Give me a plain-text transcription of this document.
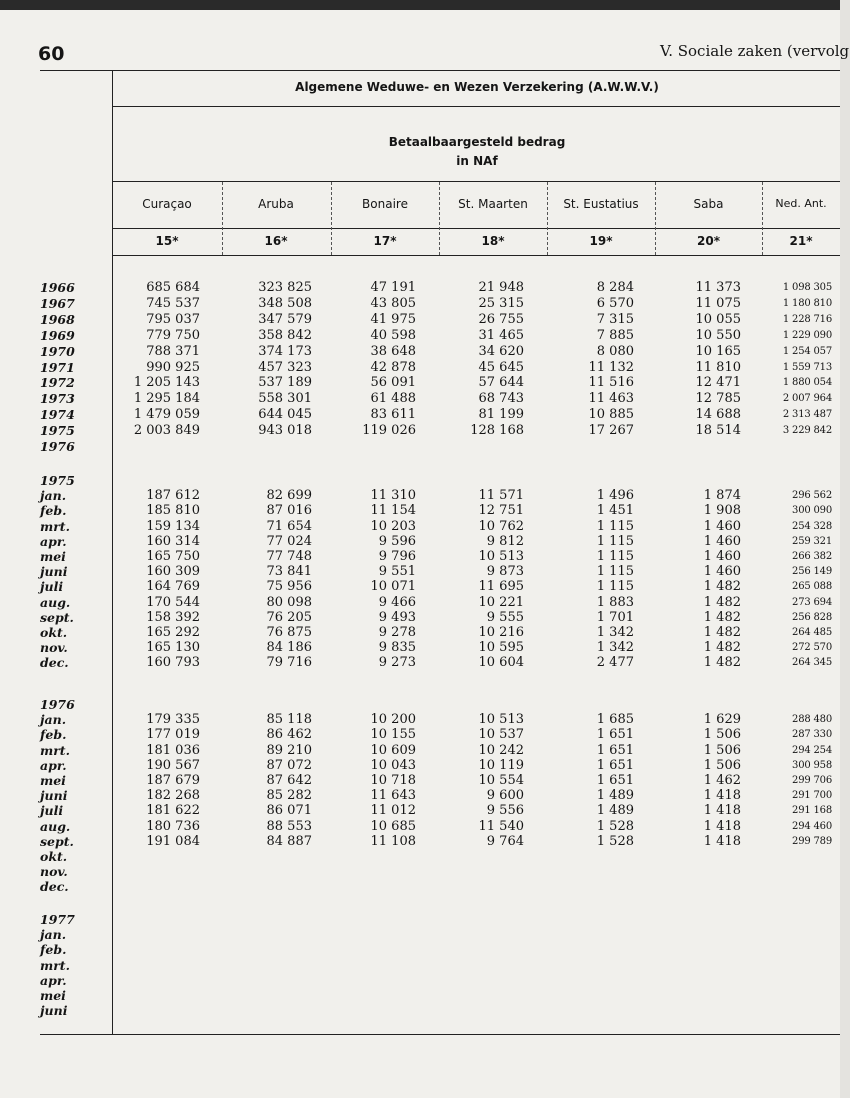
60	V. Sociale zaken (vervolg
Algemene Weduwe- en Wezen Verzekering (A.W.W.V.)
Betaalbaargesteld bedrag
in NAf
Curaçao	Aruba	Bonaire	St. Maarten	St. Eustatius	Saba	Ned. Ant.
15*	16*	17*	18*	19*	20*	21*
1966	685 684	323 825	47 191	21 948	8 284	11 373	1 098 305
1967	745 537	348 508	43 805	25 315	6 570	11 075	1 180 810
1968	795 037	347 579	41 975	26 755	7 315	10 055	1 228 716
1969	779 750	358 842	40 598	31 465	7 885	10 550	1 229 090
1970	788 371	374 173	38 648	34 620	8 080	10 165	1 254 057
1971	990 925	457 323	42 878	45 645	11 132	11 810	1 559 713
1972	1 205 143	537 189	56 091	57 644	11 516	12 471	1 880 054
1973	1 295 184	558 301	61 488	68 743	11 463	12 785	2 007 964
1974	1 479 059	644 045	83 611	81 199	10 885	14 688	2 313 487
1975	2 003 849	943 018	119 026	128 168	17 267	18 514	3 229 842
1976
1975
jan.	187 612	82 699	11 310	11 571	1 496	1 874	296 562
feb.	185 810	87 016	11 154	12 751	1 451	1 908	300 090
mrt.	159 134	71 654	10 203	10 762	1 115	1 460	254 328
apr.	160 314	77 024	9 596	9 812	1 115	1 460	259 321
mei	165 750	77 748	9 796	10 513	1 115	1 460	266 382
juni	160 309	73 841	9 551	9 873	1 115	1 460	256 149
juli	164 769	75 956	10 071	11 695	1 115	1 482	265 088
aug.	170 544	80 098	9 466	10 221	1 883	1 482	273 694
sept.	158 392	76 205	9 493	9 555	1 701	1 482	256 828
okt.	165 292	76 875	9 278	10 216	1 342	1 482	264 485
nov.	165 130	84 186	9 835	10 595	1 342	1 482	272 570
dec.	160 793	79 716	9 273	10 604	2 477	1 482	264 345
1976
jan.	179 335	85 118	10 200	10 513	1 685	1 629	288 480
feb.	177 019	86 462	10 155	10 537	1 651	1 506	287 330
mrt.	181 036	89 210	10 609	10 242	1 651	1 506	294 254
apr.	190 567	87 072	10 043	10 119	1 651	1 506	300 958
mei	187 679	87 642	10 718	10 554	1 651	1 462	299 706
juni	182 268	85 282	11 643	9 600	1 489	1 418	291 700
juli	181 622	86 071	11 012	9 556	1 489	1 418	291 168
aug.	180 736	88 553	10 685	11 540	1 528	1 418	294 460
sept.	191 084	84 887	11 108	9 764	1 528	1 418	299 789
okt.
nov.
dec.
1977
jan.
feb.
mrt.
apr.
mei
juni
